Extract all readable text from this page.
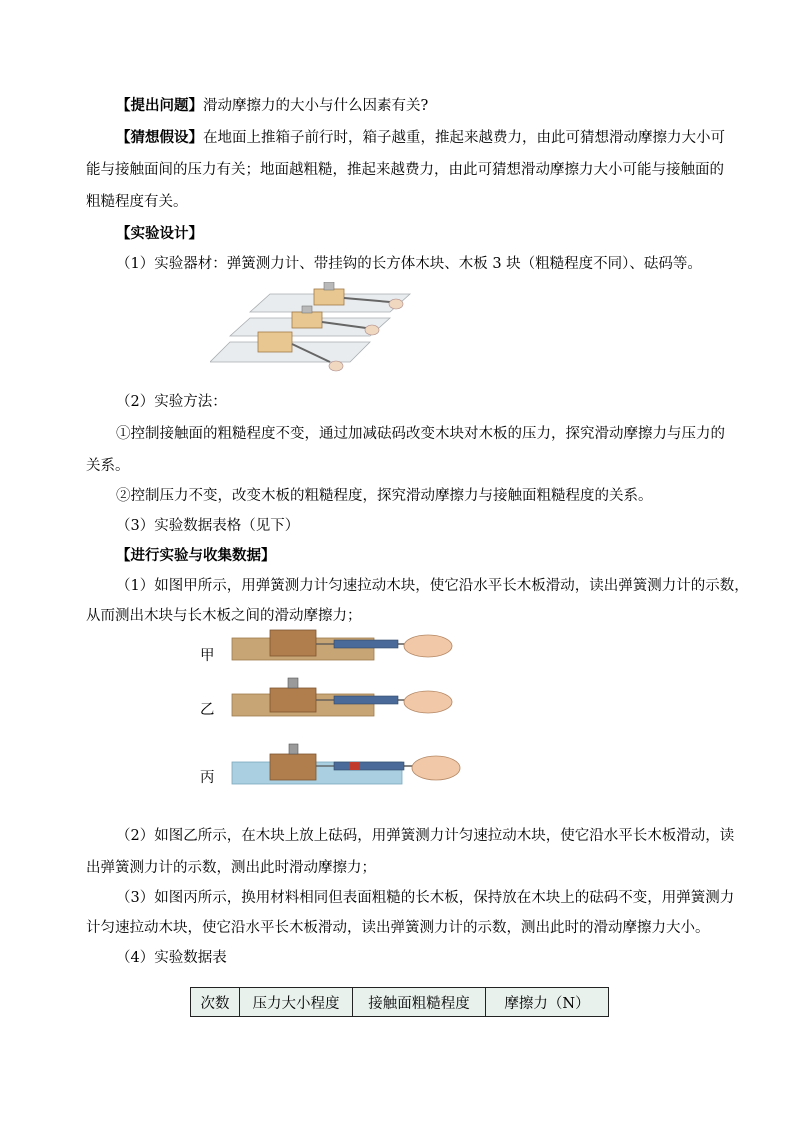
【提出问题】滑动摩擦力的大小与什么因素有关?
【猜想假设】在地面上推箱子前行时，箱子越重，推起来越费力，由此可猜想滑动摩擦力大小可
能与接触面间的压力有关；地面越粗糙，推起来越费力，由此可猜想滑动摩擦力大小可能与接触面的
粗糙程度有关。
【实验设计】
（1）实验器材：弹簧测力计、带挂钩的长方体木块、木板 3 块（粗糙程度不同）、砝码等。
（2）实验方法：
①控制接触面的粗糙程度不变，通过加减砝码改变木块对木板的压力，探究滑动摩擦力与压力的
关系。
②控制压力不变，改变木板的粗糙程度，探究滑动摩擦力与接触面粗糙程度的关系。
（3）实验数据表格（见下）
【进行实验与收集数据】
（1）如图甲所示，用弹簧测力计匀速拉动木块，使它沿水平长木板滑动，读出弹簧测力计的示数，
从而测出木块与长木板之间的滑动摩擦力；
甲
乙
丙
（2）如图乙所示，在木块上放上砝码，用弹簧测力计匀速拉动木块，使它沿水平长木板滑动，读
出弹簧测力计的示数，测出此时滑动摩擦力；
（3）如图丙所示，换用材料相同但表面粗糙的长木板，保持放在木块上的砝码不变，用弹簧测力
计匀速拉动木块，使它沿水平长木板滑动，读出弹簧测力计的示数，测出此时的滑动摩擦力大小。
（4）实验数据表
次数	压力大小程度	接触面粗糙程度	摩擦力（N）
